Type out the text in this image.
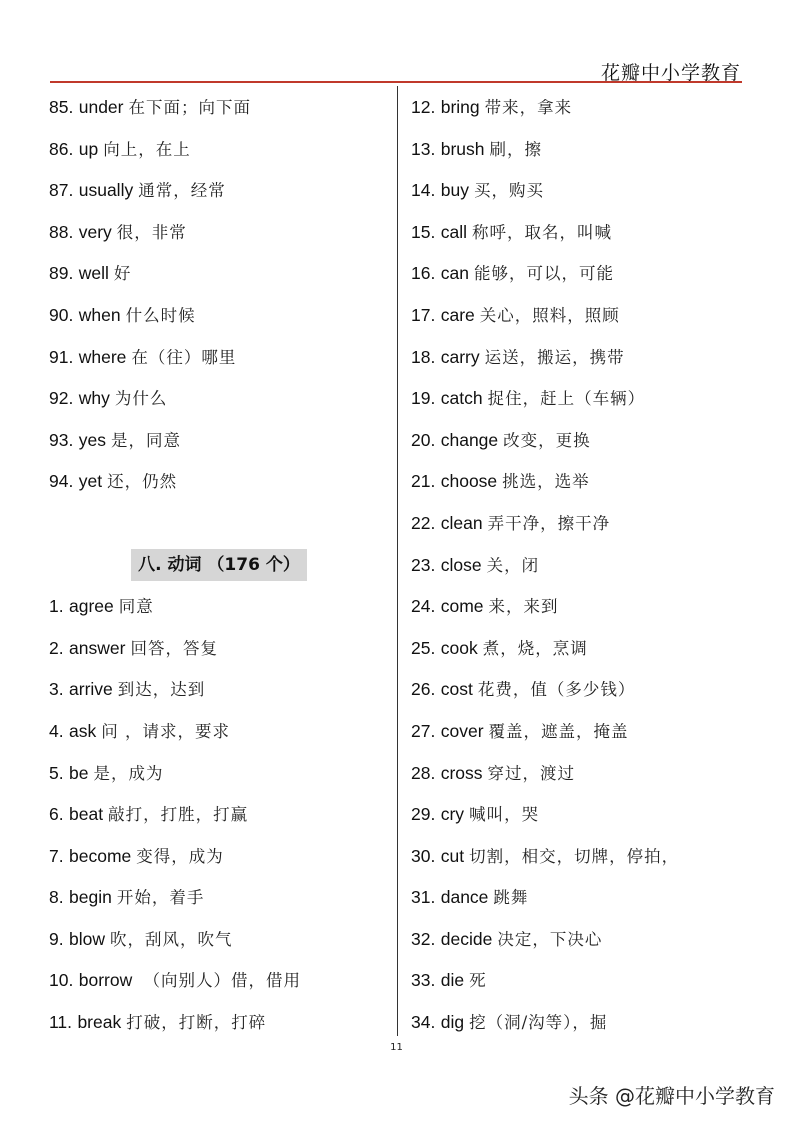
花瓣中小学教育
85. under 在下面；向下面
86. up 向上，在上
87. usually 通常，经常
88. very 很，非常
89. well 好
90. when 什么时候
91. where 在（往）哪里
92. why 为什么
93. yes 是，同意
94. yet 还，仍然
八. 动词 （176 个）
1. agree 同意
2. answer 回答，答复
3. arrive 到达，达到
4. ask 问 ，请求，要求
5. be 是，成为
6. beat 敲打，打胜，打赢
7. become 变得，成为
8. begin 开始，着手
9. blow 吹，刮风，吹气
10. borrow （向别人）借，借用
11. break 打破，打断，打碎
12. bring 带来，拿来
13. brush 刷，擦
14. buy 买，购买
15. call 称呼，取名，叫喊
16. can 能够，可以，可能
17. care 关心，照料，照顾
18. carry 运送，搬运，携带
19. catch 捉住，赶上（车辆）
20. change 改变，更换
21. choose 挑选，选举
22. clean 弄干净，擦干净
23. close 关，闭
24. come 来，来到
25. cook 煮，烧，烹调
26. cost 花费，值（多少钱）
27. cover 覆盖，遮盖，掩盖
28. cross 穿过，渡过
29. cry 喊叫，哭
30. cut 切割，相交，切牌，停拍，
31. dance 跳舞
32. decide 决定，下决心
33. die 死
34. dig 挖（洞/沟等），掘
11
头条 @花瓣中小学教育
